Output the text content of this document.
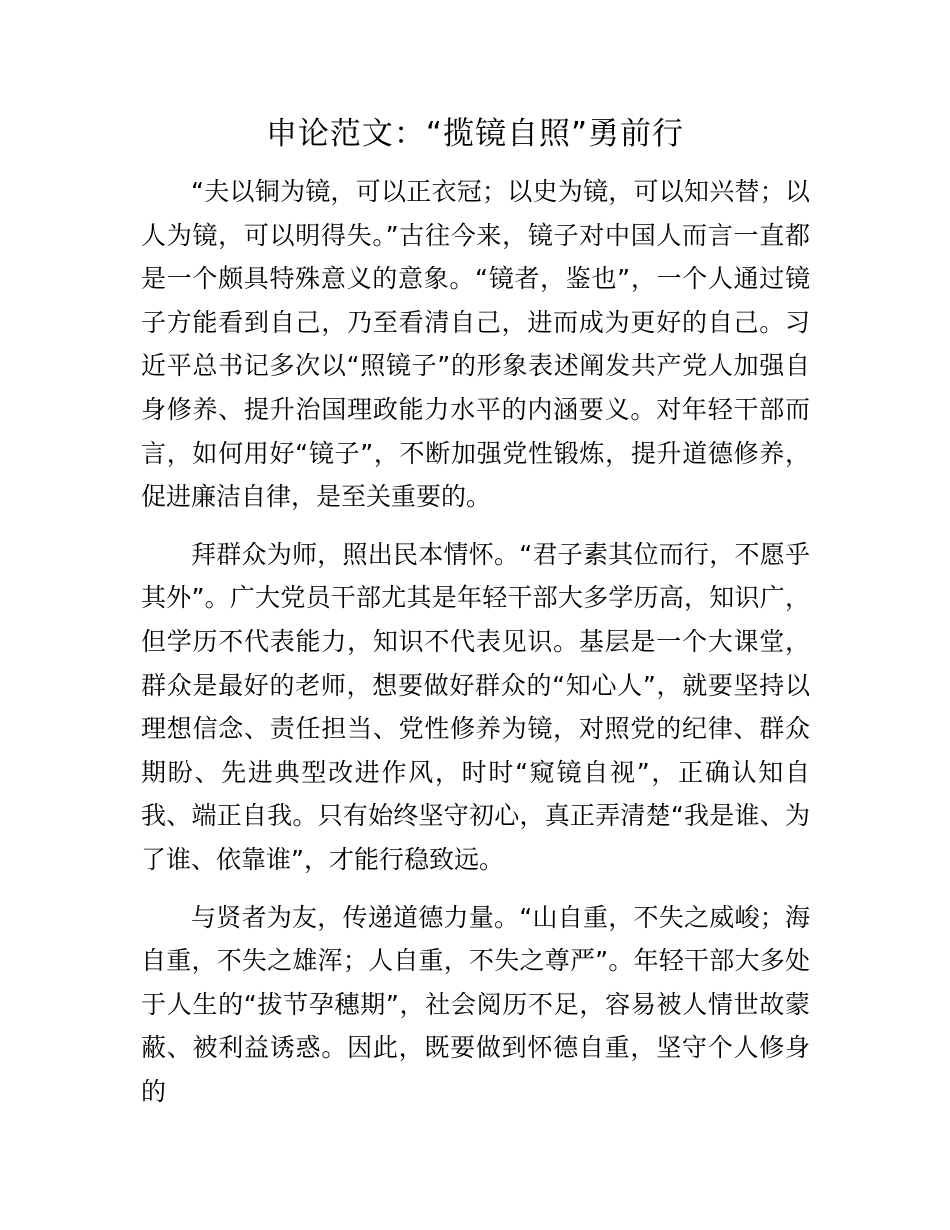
申论范文：“揽镜自照”勇前行

“夫以铜为镜，可以正衣冠；以史为镜，可以知兴替；以人为镜，可以明得失。”古往今来，镜子对中国人而言一直都是一个颇具特殊意义的意象。“镜者，鉴也”，一个人通过镜子方能看到自己，乃至看清自己，进而成为更好的自己。习近平总书记多次以“照镜子”的形象表述阐发共产党人加强自身修养、提升治国理政能力水平的内涵要义。对年轻干部而言，如何用好“镜子”，不断加强党性锻炼，提升道德修养，促进廉洁自律，是至关重要的。

拜群众为师，照出民本情怀。“君子素其位而行，不愿乎其外”。广大党员干部尤其是年轻干部大多学历高，知识广，但学历不代表能力，知识不代表见识。基层是一个大课堂，群众是最好的老师，想要做好群众的“知心人”，就要坚持以理想信念、责任担当、党性修养为镜，对照党的纪律、群众期盼、先进典型改进作风，时时“窥镜自视”，正确认知自我、端正自我。只有始终坚守初心，真正弄清楚“我是谁、为了谁、依靠谁”，才能行稳致远。

与贤者为友，传递道德力量。“山自重，不失之威峻；海自重，不失之雄浑；人自重，不失之尊严”。年轻干部大多处于人生的“拔节孕穗期”，社会阅历不足，容易被人情世故蒙蔽、被利益诱惑。因此，既要做到怀德自重，坚守个人修身的
